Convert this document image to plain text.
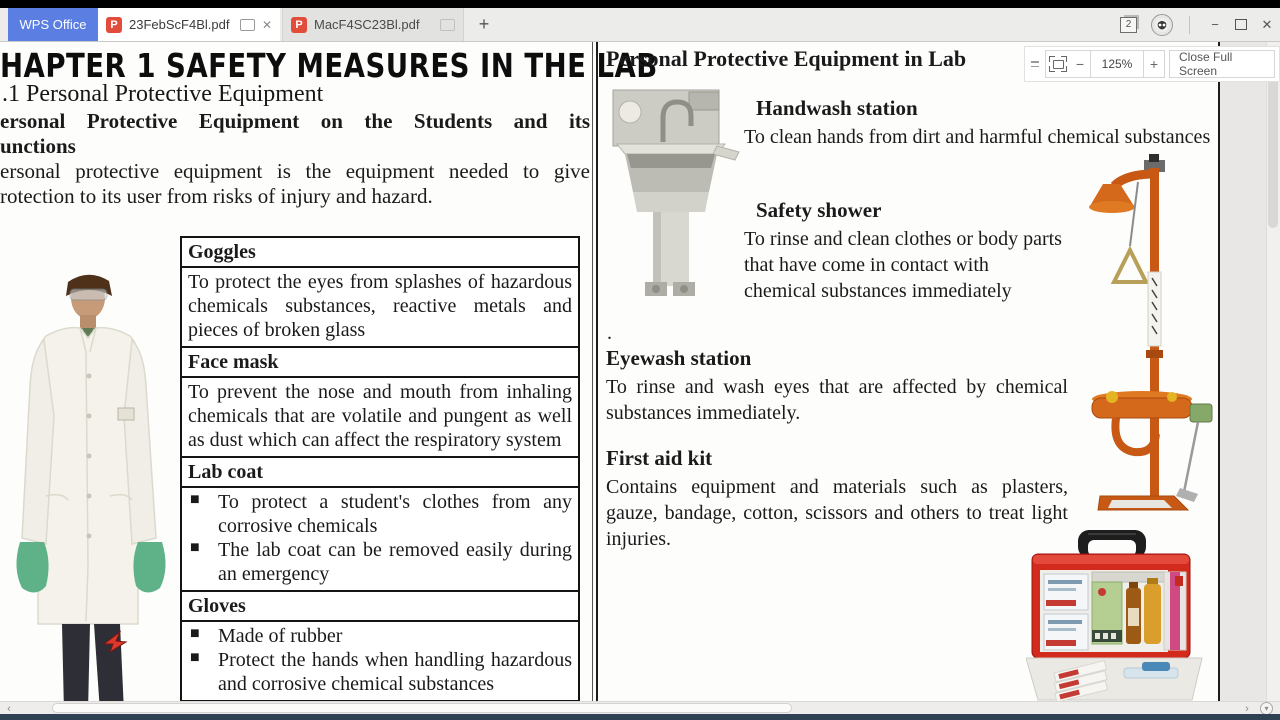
WPS Office	P 23FebScF4Bl.pdf	✕	P MacF4SC23Bl.pdf	+	2	−	✕
HAPTER 1 SAFETY MEASURES IN THE LAB
.1 Personal Protective Equipment
ersonal Protective Equipment on the Students and its
unctions
ersonal protective equipment is the equipment needed to give
rotection to its user from risks of injury and hazard.
Goggles
To protect the eyes from splashes of hazardous chemicals substances, reactive metals and pieces of broken glass
Face mask
To prevent the nose and mouth from inhaling chemicals that are volatile and pungent as well as dust which can affect the respiratory system
Lab coat
■ To protect a student's clothes from any corrosive chemicals
■ The lab coat can be removed easily during an emergency
Gloves
■ Made of rubber
■ Protect the hands when handling hazardous and corrosive chemical substances
Personal Protective Equipment in Lab
Handwash station
To clean hands from dirt and harmful chemical substances
Safety shower
To rinse and clean clothes or body parts that have come in contact with chemical substances immediately
.
Eyewash station
To rinse and wash eyes that are affected by chemical substances immediately.
First aid kit
Contains equipment and materials such as plasters, gauze, bandage, cotton, scissors and others to treat light injuries.
−	125%	+	Close Full Screen
‹	›	▾
